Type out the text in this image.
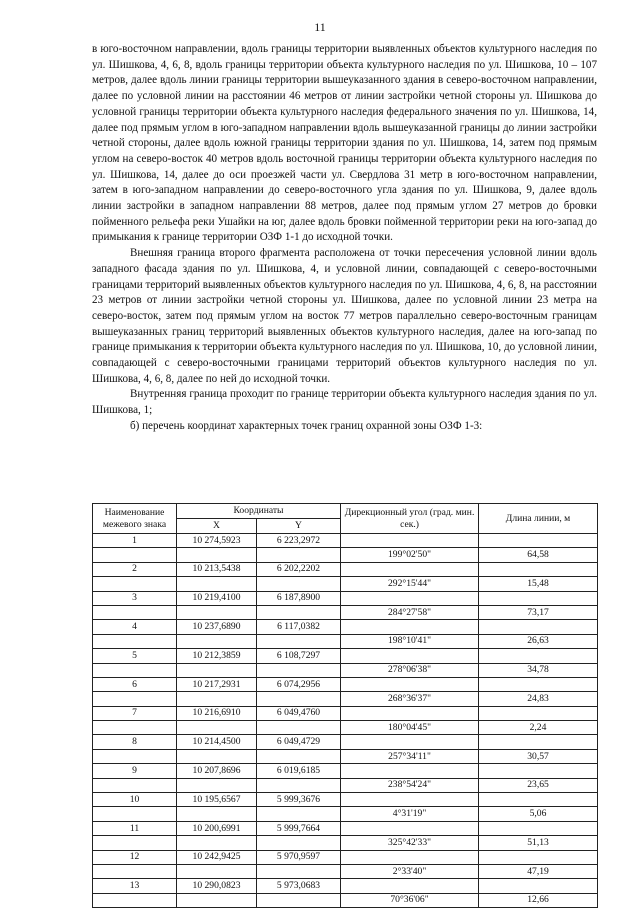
11

в юго-восточном направлении, вдоль границы территории выявленных объектов культурного наследия по ул. Шишкова, 4, 6, 8, вдоль границы территории объекта культурного наследия по ул. Шишкова, 10 – 107 метров, далее вдоль линии границы территории вышеуказанного здания в северо-восточном направлении, далее по условной линии на расстоянии 46 метров от линии застройки четной стороны ул. Шишкова до условной границы территории объекта культурного наследия федерального значения по ул. Шишкова, 14, далее под прямым углом в юго-западном направлении вдоль вышеуказанной границы до линии застройки четной стороны, далее вдоль южной границы территории здания по ул. Шишкова, 14, затем под прямым углом на северо-восток 40 метров вдоль восточной границы территории объекта культурного наследия по ул. Шишкова, 14, далее до оси проезжей части ул. Свердлова 31 метр в юго-восточном направлении, затем в юго-западном направлении до северо-восточного угла здания по ул. Шишкова, 9, далее вдоль линии застройки в западном направлении 88 метров, далее под прямым углом 27 метров до бровки пойменного рельефа реки Ушайки на юг, далее вдоль бровки пойменной территории реки на юго-запад до примыкания к границе территории ОЗФ 1-1 до исходной точки.

Внешняя граница второго фрагмента расположена от точки пересечения условной линии вдоль западного фасада здания по ул. Шишкова, 4, и условной линии, совпадающей с северо-восточными границами территорий выявленных объектов культурного наследия по ул. Шишкова, 4, 6, 8, на расстоянии 23 метров от линии застройки четной стороны ул. Шишкова, далее по условной линии 23 метра на северо-восток, затем под прямым углом на восток 77 метров параллельно северо-восточным границам вышеуказанных границ территорий выявленных объектов культурного наследия, далее на юго-запад по границе примыкания к территории объекта культурного наследия по ул. Шишкова, 10, до условной линии, совпадающей с северо-восточными границами территорий объектов культурного наследия по ул. Шишкова, 4, 6, 8, далее по ней до исходной точки.

Внутренняя граница проходит по границе территории объекта культурного наследия здания по ул. Шишкова, 1;

б) перечень координат характерных точек границ охранной зоны ОЗФ 1-3:

Наименование межевого знака	Координаты		Дирекционный угол (град. мин. сек.)	Длина линии, м
	X	Y		
1	10 274,5923	6 223,2972		
			199°02'50"	64,58
2	10 213,5438	6 202,2202		
			292°15'44"	15,48
3	10 219,4100	6 187,8900		
			284°27'58"	73,17
4	10 237,6890	6 117,0382		
			198°10'41"	26,63
5	10 212,3859	6 108,7297		
			278°06'38"	34,78
6	10 217,2931	6 074,2956		
			268°36'37"	24,83
7	10 216,6910	6 049,4760		
			180°04'45"	2,24
8	10 214,4500	6 049,4729		
			257°34'11"	30,57
9	10 207,8696	6 019,6185		
			238°54'24"	23,65
10	10 195,6567	5 999,3676		
			4°31'19"	5,06
11	10 200,6991	5 999,7664		
			325°42'33"	51,13
12	10 242,9425	5 970,9597		
			2°33'40"	47,19
13	10 290,0823	5 973,0683		
			70°36'06"	12,66
